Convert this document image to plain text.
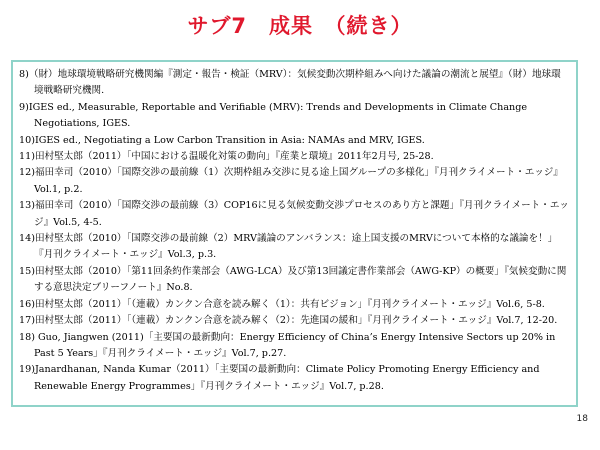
サブ7　成果　（続き）
8)（財）地球環境戦略研究機関編『測定・報告・検証（MRV）：気候変動次期枠組みへ向けた議論の潮流と展望』（財）地球環境戦略研究機関.
9)IGES ed., Measurable, Reportable and Verifiable (MRV): Trends and Developments in Climate Change Negotiations, IGES.
10)IGES ed., Negotiating a Low Carbon Transition in Asia: NAMAs and MRV, IGES.
11)田村堅太郎（2011）「中国における温暖化対策の動向」『産業と環境』2011年2月号, 25-28.
12)福田幸司（2010）「国際交渉の最前線（1）次期枠組み交渉に見る途上国グループの多様化」『月刊クライメート・エッジ』Vol.1, p.2.
13)福田幸司（2010）「国際交渉の最前線（3）COP16に見る気候変動交渉プロセスのあり方と課題」『月刊クライメート・エッジ』Vol.5, 4-5.
14)田村堅太郎（2010）「国際交渉の最前線（2）MRV議論のアンバランス：途上国支援のMRVについて本格的な議論を！」『月刊クライメート・エッジ』Vol.3, p.3.
15)田村堅太郎（2010）「第11回条約作業部会（AWG-LCA）及び第13回議定書作業部会（AWG-KP）の概要」『気候変動に関する意思決定ブリーフノート』No.8.
16)田村堅太郎（2011）「（連載）カンクン合意を読み解く（1）：共有ビジョン」『月刊クライメート・エッジ』Vol.6, 5-8.
17)田村堅太郎（2011）「（連載）カンクン合意を読み解く（2）：先進国の緩和」『月刊クライメート・エッジ』Vol.7, 12-20.
18) Guo, Jiangwen (2011)「主要国の最新動向：Energy Efficiency of China’s Energy Intensive Sectors up 20% in Past 5 Years」『月刊クライメート・エッジ』Vol.7, p.27.
19)Janardhanan, Nanda Kumar（2011）「主要国の最新動向：Climate Policy Promoting Energy Efficiency and Renewable Energy Programmes」『月刊クライメート・エッジ』Vol.7, p.28.
18
